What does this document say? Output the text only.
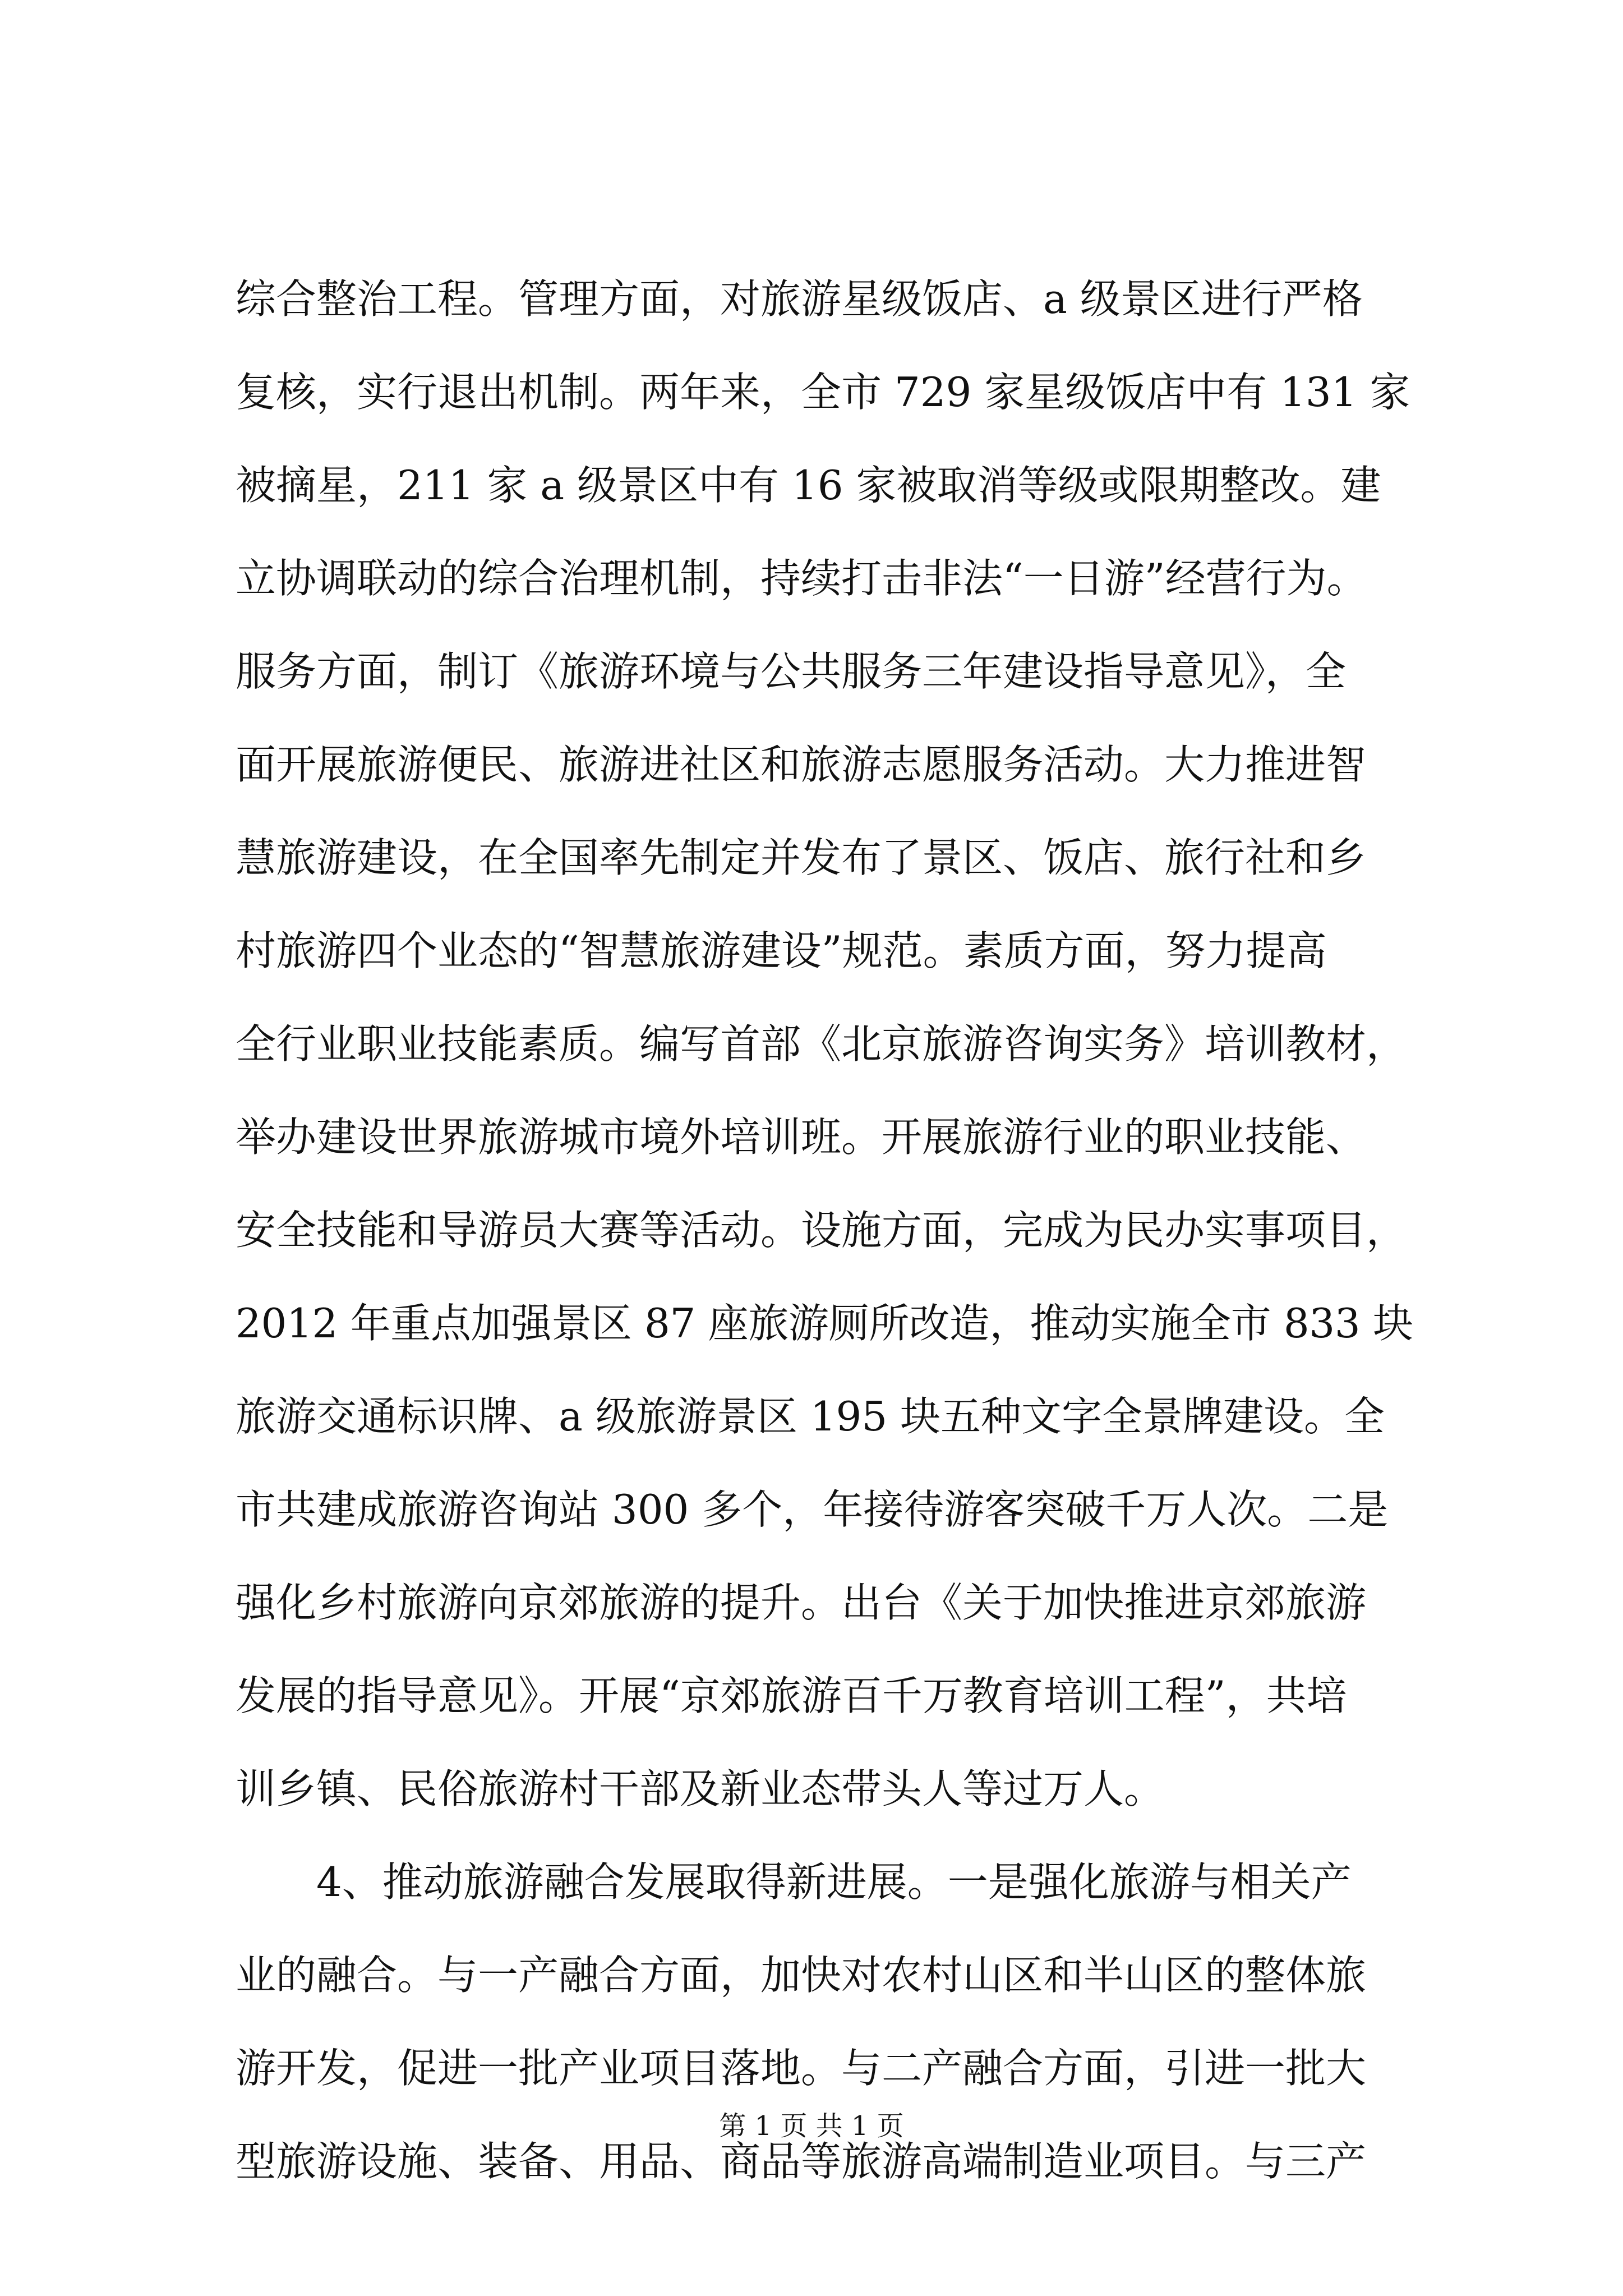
综合整治工程。管理方面，对旅游星级饭店、a 级景区进行严格
复核，实行退出机制。两年来，全市 729 家星级饭店中有 131 家
被摘星，211 家 a 级景区中有 16 家被取消等级或限期整改。建
立协调联动的综合治理机制，持续打击非法“一日游”经营行为。
服务方面，制订《旅游环境与公共服务三年建设指导意见》，全
面开展旅游便民、旅游进社区和旅游志愿服务活动。大力推进智
慧旅游建设，在全国率先制定并发布了景区、饭店、旅行社和乡
村旅游四个业态的“智慧旅游建设”规范。素质方面，努力提高
全行业职业技能素质。编写首部《北京旅游咨询实务》培训教材，
举办建设世界旅游城市境外培训班。开展旅游行业的职业技能、
安全技能和导游员大赛等活动。设施方面，完成为民办实事项目，
2012 年重点加强景区 87 座旅游厕所改造，推动实施全市 833 块
旅游交通标识牌、a 级旅游景区 195 块五种文字全景牌建设。全
市共建成旅游咨询站 300 多个，年接待游客突破千万人次。二是
强化乡村旅游向京郊旅游的提升。出台《关于加快推进京郊旅游
发展的指导意见》。开展“京郊旅游百千万教育培训工程”，共培
训乡镇、民俗旅游村干部及新业态带头人等过万人。
4、推动旅游融合发展取得新进展。一是强化旅游与相关产
业的融合。与一产融合方面，加快对农村山区和半山区的整体旅
游开发，促进一批产业项目落地。与二产融合方面，引进一批大
型旅游设施、装备、用品、商品等旅游高端制造业项目。与三产
第 1 页 共 1 页
